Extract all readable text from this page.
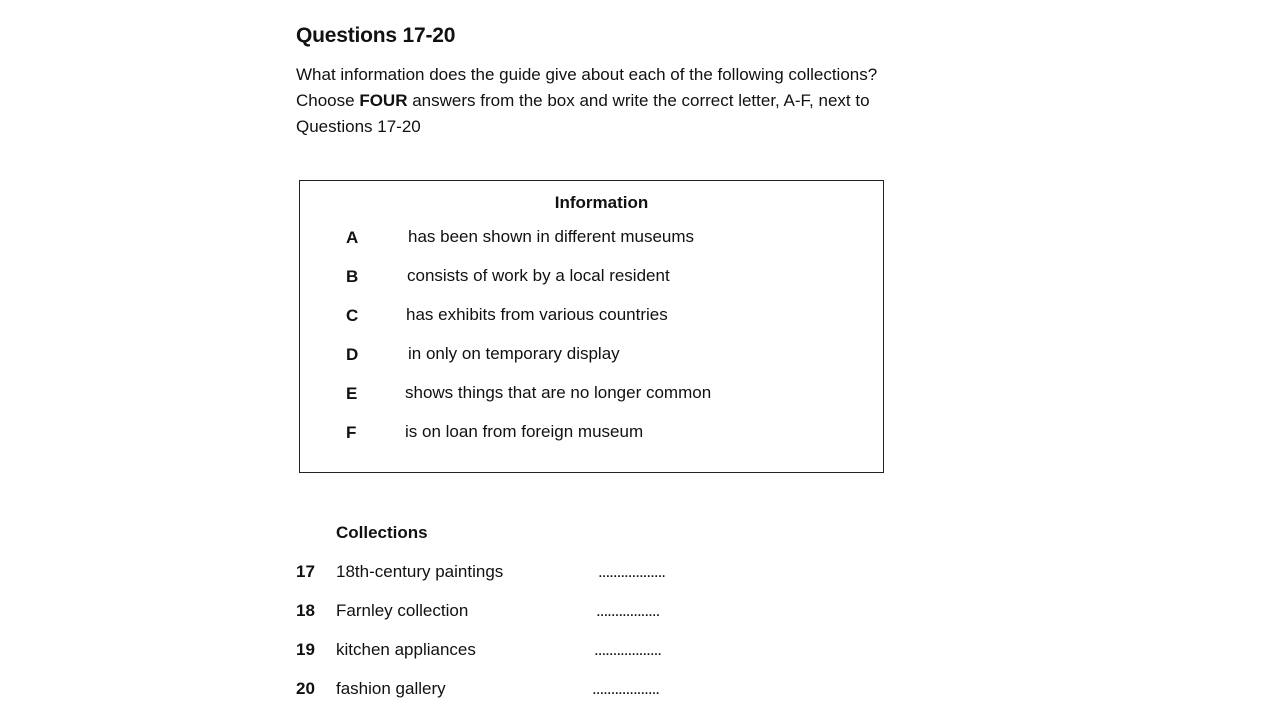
Questions 17-20
What information does the guide give about each of the following collections?
Choose FOUR answers from the box and write the correct letter, A-F, next to
Questions 17-20
Information
A	has been shown in different museums
B	consists of work by a local resident
C	has exhibits from various countries
D	in only on temporary display
E	shows things that are no longer common
F	is on loan from foreign museum
Collections
17 18th-century paintings	..................
18 Farnley collection	.................
19 kitchen appliances	..................
20 fashion gallery	..................
